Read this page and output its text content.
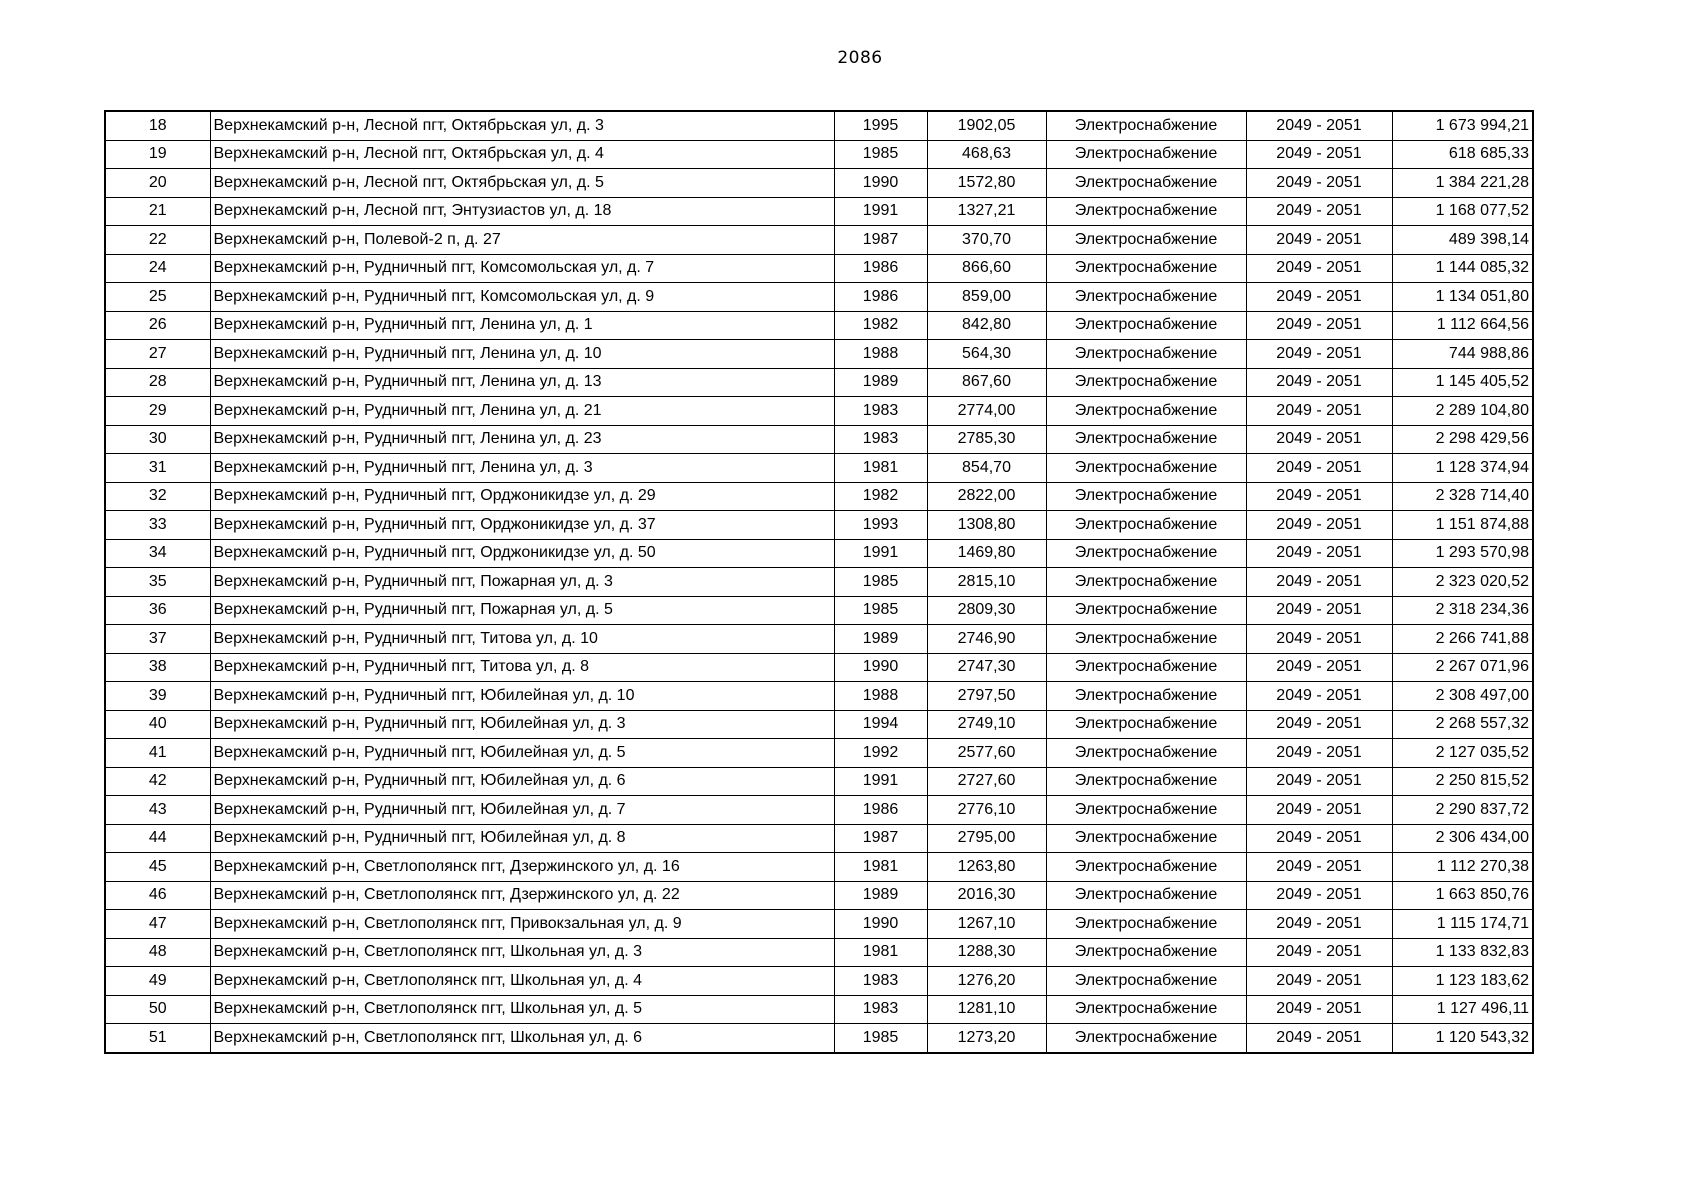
2086
18	Верхнекамский р-н, Лесной пгт, Октябрьская ул, д. 3	1995	1902,05	Электроснабжение	2049 - 2051	1 673 994,21
19	Верхнекамский р-н, Лесной пгт, Октябрьская ул, д. 4	1985	468,63	Электроснабжение	2049 - 2051	618 685,33
20	Верхнекамский р-н, Лесной пгт, Октябрьская ул, д. 5	1990	1572,80	Электроснабжение	2049 - 2051	1 384 221,28
21	Верхнекамский р-н, Лесной пгт, Энтузиастов ул, д. 18	1991	1327,21	Электроснабжение	2049 - 2051	1 168 077,52
22	Верхнекамский р-н, Полевой-2 п, д. 27	1987	370,70	Электроснабжение	2049 - 2051	489 398,14
24	Верхнекамский р-н, Рудничный пгт, Комсомольская ул, д. 7	1986	866,60	Электроснабжение	2049 - 2051	1 144 085,32
25	Верхнекамский р-н, Рудничный пгт, Комсомольская ул, д. 9	1986	859,00	Электроснабжение	2049 - 2051	1 134 051,80
26	Верхнекамский р-н, Рудничный пгт, Ленина ул, д. 1	1982	842,80	Электроснабжение	2049 - 2051	1 112 664,56
27	Верхнекамский р-н, Рудничный пгт, Ленина ул, д. 10	1988	564,30	Электроснабжение	2049 - 2051	744 988,86
28	Верхнекамский р-н, Рудничный пгт, Ленина ул, д. 13	1989	867,60	Электроснабжение	2049 - 2051	1 145 405,52
29	Верхнекамский р-н, Рудничный пгт, Ленина ул, д. 21	1983	2774,00	Электроснабжение	2049 - 2051	2 289 104,80
30	Верхнекамский р-н, Рудничный пгт, Ленина ул, д. 23	1983	2785,30	Электроснабжение	2049 - 2051	2 298 429,56
31	Верхнекамский р-н, Рудничный пгт, Ленина ул, д. 3	1981	854,70	Электроснабжение	2049 - 2051	1 128 374,94
32	Верхнекамский р-н, Рудничный пгт, Орджоникидзе ул, д. 29	1982	2822,00	Электроснабжение	2049 - 2051	2 328 714,40
33	Верхнекамский р-н, Рудничный пгт, Орджоникидзе ул, д. 37	1993	1308,80	Электроснабжение	2049 - 2051	1 151 874,88
34	Верхнекамский р-н, Рудничный пгт, Орджоникидзе ул, д. 50	1991	1469,80	Электроснабжение	2049 - 2051	1 293 570,98
35	Верхнекамский р-н, Рудничный пгт, Пожарная ул, д. 3	1985	2815,10	Электроснабжение	2049 - 2051	2 323 020,52
36	Верхнекамский р-н, Рудничный пгт, Пожарная ул, д. 5	1985	2809,30	Электроснабжение	2049 - 2051	2 318 234,36
37	Верхнекамский р-н, Рудничный пгт, Титова ул, д. 10	1989	2746,90	Электроснабжение	2049 - 2051	2 266 741,88
38	Верхнекамский р-н, Рудничный пгт, Титова ул, д. 8	1990	2747,30	Электроснабжение	2049 - 2051	2 267 071,96
39	Верхнекамский р-н, Рудничный пгт, Юбилейная ул, д. 10	1988	2797,50	Электроснабжение	2049 - 2051	2 308 497,00
40	Верхнекамский р-н, Рудничный пгт, Юбилейная ул, д. 3	1994	2749,10	Электроснабжение	2049 - 2051	2 268 557,32
41	Верхнекамский р-н, Рудничный пгт, Юбилейная ул, д. 5	1992	2577,60	Электроснабжение	2049 - 2051	2 127 035,52
42	Верхнекамский р-н, Рудничный пгт, Юбилейная ул, д. 6	1991	2727,60	Электроснабжение	2049 - 2051	2 250 815,52
43	Верхнекамский р-н, Рудничный пгт, Юбилейная ул, д. 7	1986	2776,10	Электроснабжение	2049 - 2051	2 290 837,72
44	Верхнекамский р-н, Рудничный пгт, Юбилейная ул, д. 8	1987	2795,00	Электроснабжение	2049 - 2051	2 306 434,00
45	Верхнекамский р-н, Светлополянск пгт, Дзержинского ул, д. 16	1981	1263,80	Электроснабжение	2049 - 2051	1 112 270,38
46	Верхнекамский р-н, Светлополянск пгт, Дзержинского ул, д. 22	1989	2016,30	Электроснабжение	2049 - 2051	1 663 850,76
47	Верхнекамский р-н, Светлополянск пгт, Привокзальная ул, д. 9	1990	1267,10	Электроснабжение	2049 - 2051	1 115 174,71
48	Верхнекамский р-н, Светлополянск пгт, Школьная ул, д. 3	1981	1288,30	Электроснабжение	2049 - 2051	1 133 832,83
49	Верхнекамский р-н, Светлополянск пгт, Школьная ул, д. 4	1983	1276,20	Электроснабжение	2049 - 2051	1 123 183,62
50	Верхнекамский р-н, Светлополянск пгт, Школьная ул, д. 5	1983	1281,10	Электроснабжение	2049 - 2051	1 127 496,11
51	Верхнекамский р-н, Светлополянск пгт, Школьная ул, д. 6	1985	1273,20	Электроснабжение	2049 - 2051	1 120 543,32
